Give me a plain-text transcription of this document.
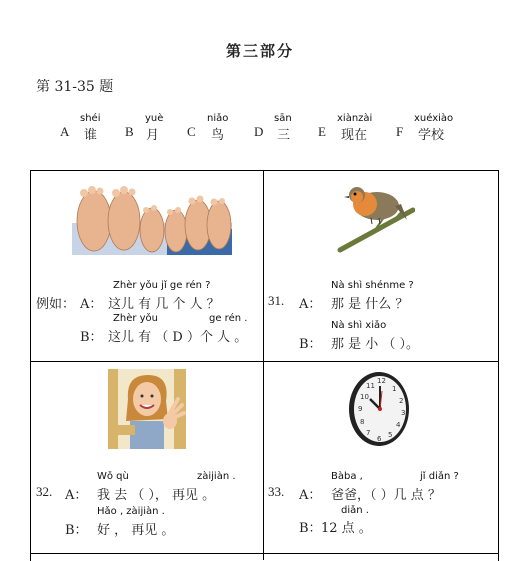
第三部分
第 31-35 题
A
shéi
谁 B
yuè
月 C
niǎo
鸟 D
sān
三 E
xiànzài
现在 F
xuéxiào
学校
Zhèr yǒu jǐ ge rén ?
例如： A： 这儿 有 几 个 人 ？
Zhèr yǒu	ge rén .
B： 这儿 有 （ D ）个 人 。
31. A：
Nà shì shénme ?
那 是 什么 ？
B：
Nà shì xiǎo
那 是 小 （ ）。
32. A：
Wǒ qù	zàijiàn .
我 去 （ ）， 再见 。
B：
Hǎo , zàijiàn .
好 ， 再见 。
12
1
2
3
4
5
6
7
8
9
10
11
33. A：
Bàba ,	jǐ diǎn ?
爸爸，（ ）几 点 ？
B：
diǎn .
12 点 。
